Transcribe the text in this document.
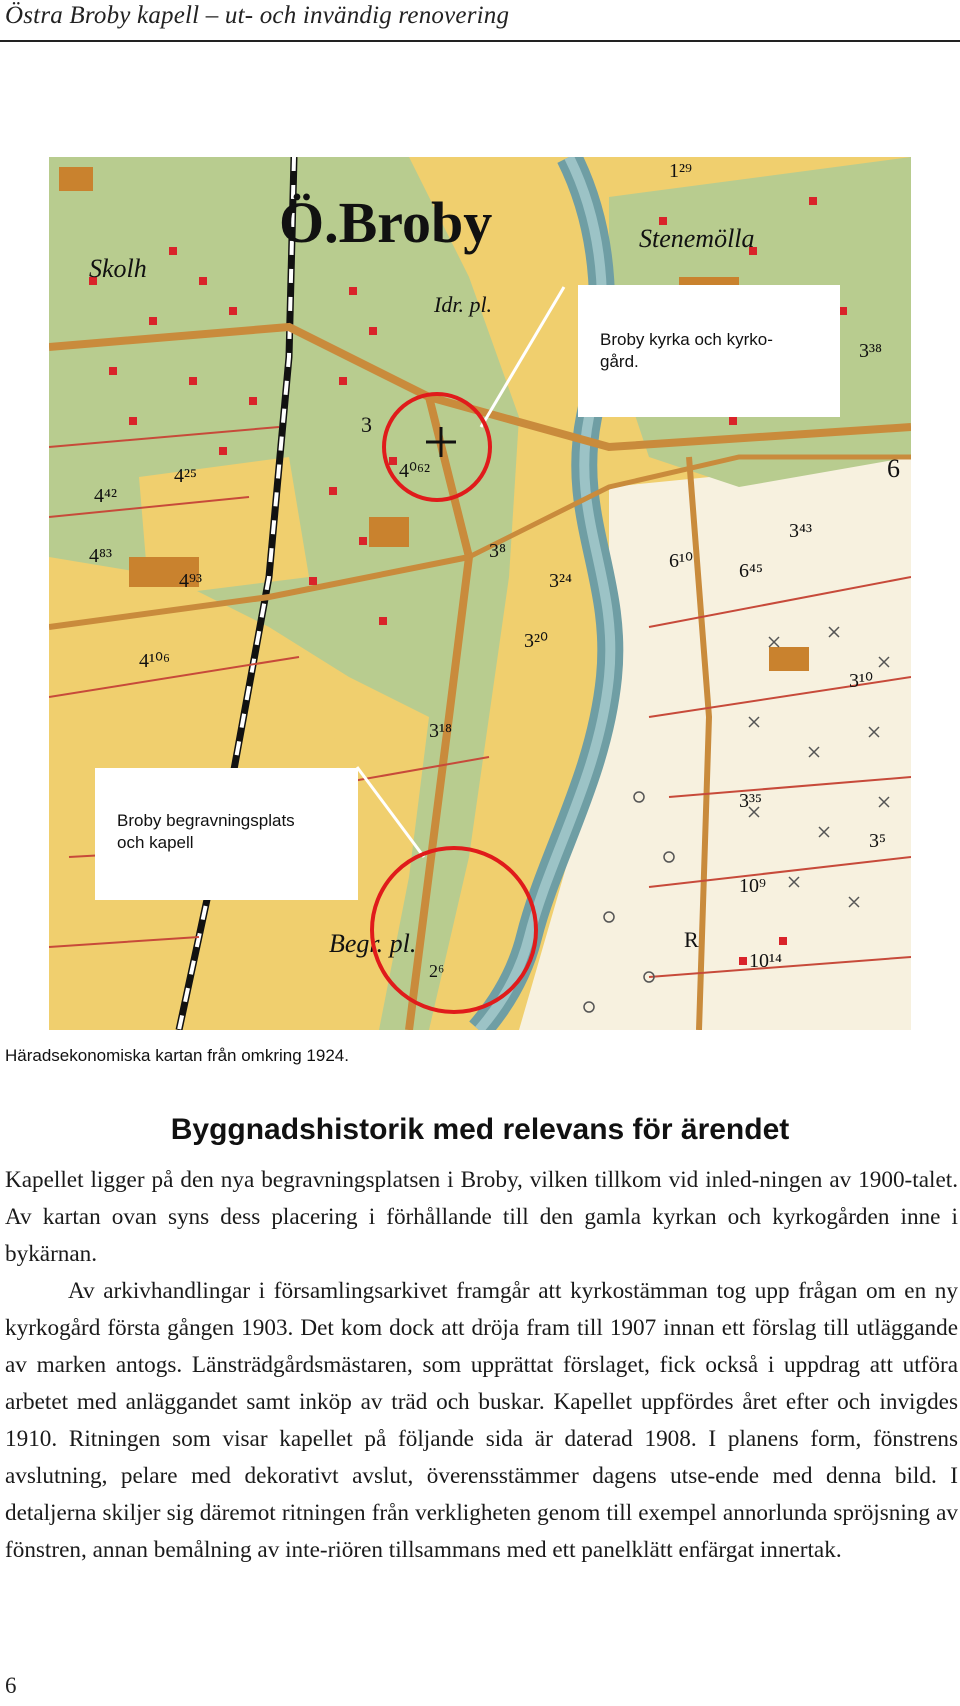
Östra Broby kapell – ut- och invändig renovering
Ö.Broby
Idr. pl.
Begr. pl.
Stenemölla
Skolh
4⁰⁶²
4⁴²
4²⁵
4⁸³
4⁹³
4¹⁰⁶
3¹⁸
3²⁰
3²⁴
6¹⁰ 6⁴⁵
3⁴³
3³⁸
3¹⁰
3³⁵
10⁹
10¹⁴
3⁵
3⁸
1²⁹
6
3
R
2⁶
Broby kyrka och kyrko-
gård.
Broby begravningsplats
och kapell
Häradsekonomiska kartan från omkring 1924.
Byggnadshistorik med relevans för ärendet

Kapellet ligger på den nya begravningsplatsen i Broby, vilken tillkom vid inled-ningen av 1900-talet. Av kartan ovan syns dess placering i förhållande till den gamla kyrkan och kyrkogården inne i bykärnan.

Av arkivhandlingar i församlingsarkivet framgår att kyrkostämman tog upp frågan om en ny kyrkogård första gången 1903. Det kom dock att dröja fram till 1907 innan ett förslag till utläggande av marken antogs. Länsträdgårdsmästaren, som upprättat förslaget, fick också i uppdrag att utföra arbetet med anläggandet samt inköp av träd och buskar. Kapellet uppfördes året efter och invigdes 1910. Ritningen som visar kapellet på följande sida är daterad 1908. I planens form, fönstrens avslutning, pelare med dekorativt avslut, överensstämmer dagens utse-ende med denna bild. I detaljerna skiljer sig däremot ritningen från verkligheten genom till exempel annorlunda spröjsning av fönstren, annan bemålning av inte-riören tillsammans med ett panelklätt enfärgat innertak.

6
